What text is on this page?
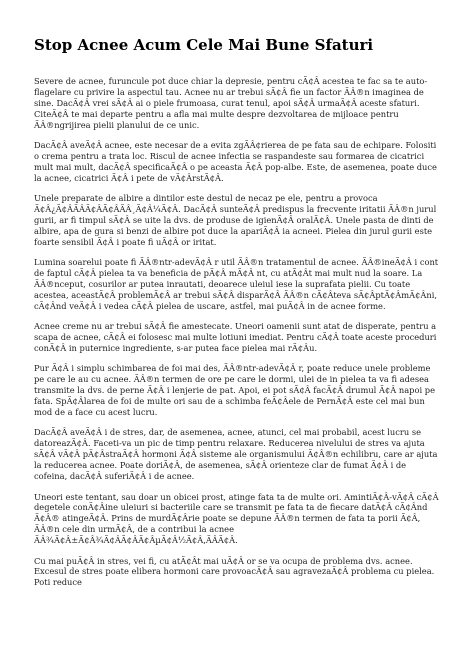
Stop Acnee Acum Cele Mai Bune Sfaturi

Severe de acnee, furuncule pot duce chiar la depresie, pentru cÃ¢Â acestea te fac sa te auto-flagelare cu privire la aspectul tau. Acnee nu ar trebui sÃ¢Â fie un factor ÃÂ®n imaginea de sine. DacÃ¢Â vrei sÃ¢Â ai o piele frumoasa, curat tenul, apoi sÃ¢Â urmaÃ¢Â aceste sfaturi. CiteÃ¢Â te mai departe pentru a afla mai multe despre dezvoltarea de mijloace pentru ÃÂ®ngrijirea pielii planului de ce unic.

DacÃ¢Â aveÃ¢Â acnee, este necesar de a evita zgÃÂ¢rierea de pe fata sau de echipare. Folositi o crema pentru a trata loc. Riscul de acnee infectia se raspandeste sau formarea de cicatrici mult mai mult, dacÃ¢Â specificaÃ¢Â o pe aceasta Ã¢Â pop-albe. Este, de asemenea, poate duce la acnee, cicatrici Ã¢Â i pete de vÃ¢ÂrstÃ¢Â.

Unele preparate de albire a dintilor este destul de necaz pe ele, pentru a provoca Ã¢Â¿Ã¢ÂÃÂÃ¢ÂÃ¢ÂÃÂ¸Ã¢Â¼Ã¢Â. DacÃ¢Â sunteÃ¢Â predispus la frecvente iritatii ÃÂ®n jurul gurii, ar fi timpul sÃ¢Â se uite la dvs. de produse de igienÃ¢Â oralÃ¢Â. Unele pasta de dinti de albire, apa de gura si benzi de albire pot duce la apariÃ¢Â ia acneei. Pielea din jurul gurii este foarte sensibil Ã¢Â i poate fi uÃ¢Â or iritat.

Lumina soarelui poate fi ÃÂ®ntr-adevÃ¢Â r util ÃÂ®n tratamentul de acnee. ÃÂ®ineÃ¢Â i cont de faptul cÃ¢Â pielea ta va beneficia de pÃ¢Â mÃ¢Â nt, cu atÃ¢Ât mai mult nud la soare. La ÃÂ®nceput, cosurilor ar putea inrautati, deoarece uleiul iese la suprafata pielii. Cu toate acestea, aceastÃ¢Â problemÃ¢Â ar trebui sÃ¢Â disparÃ¢Â ÃÂ®n cÃ¢Âteva sÃ¢ÂptÃ¢ÂmÃ¢Âni, cÃ¢Ând veÃ¢Â i vedea cÃ¢Â pielea de uscare, astfel, mai puÃ¢Â in de acnee forme.

Acnee creme nu ar trebui sÃ¢Â fie amestecate. Uneori oamenii sunt atat de disperate, pentru a scapa de acnee, cÃ¢Â ei folosesc mai multe lotiuni imediat. Pentru cÃ¢Â toate aceste proceduri conÃ¢Â in puternice ingrediente, s-ar putea face pielea mai rÃ¢Âu.

Pur Ã¢Â i simplu schimbarea de foi mai des, ÃÂ®ntr-adevÃ¢Â r, poate reduce unele probleme pe care le au cu acnee. ÃÂ®n termen de ore pe care le dormi, ulei de in pielea ta va fi adesea transmite la dvs. de perne Ã¢Â i lenjerie de pat. Apoi, ei pot sÃ¢Â facÃ¢Â drumul Ã¢Â napoi pe fata. SpÃ¢Âlarea de foi de multe ori sau de a schimba feÃ¢Âele de PernÃ¢Â este cel mai bun mod de a face cu acest lucru.

DacÃ¢Â aveÃ¢Â i de stres, dar, de asemenea, acnee, atunci, cel mai probabil, acest lucru se datoreazÃ¢Â. Faceti-va un pic de timp pentru relaxare. Reducerea nivelului de stres va ajuta sÃ¢Â vÃ¢Â pÃ¢ÂstraÃ¢Â hormoni Ã¢Â sisteme ale organismului Ã¢Â®n echilibru, care ar ajuta la reducerea acnee. Poate doriÃ¢Â, de asemenea, sÃ¢Â orienteze clar de fumat Ã¢Â i de cofeina, dacÃ¢Â suferiÃ¢Â i de acnee.

Uneori este tentant, sau doar un obicei prost, atinge fata ta de multe ori. AmintiÃ¢Â-vÃ¢Â cÃ¢Â degetele conÃ¢Âine uleiuri si bacteriile care se transmit pe fata ta de fiecare datÃ¢Â cÃ¢Ând Ã¢Â® atingeÃ¢Â. Prins de murdÃ¢Ârie poate se depune ÃÂ®n termen de fata ta porii Ã¢Â, ÃÂ®n cele din urmÃ¢Â, de a contribui la acnee ÃÂ¾Ã¢Â±Ã¢Â¾Ã¢ÂÃ¢ÂÃ¢ÂµÃ¢Â½Ã¢Â,ÃÂÃ¢Â.

Cu mai puÃ¢Â in stres, vei fi, cu atÃ¢Ât mai uÃ¢Â or se va ocupa de problema dvs. acnee. Excesul de stres poate elibera hormoni care provoacÃ¢Â sau agravezaÃ¢Â problema cu pielea. Poti reduce
